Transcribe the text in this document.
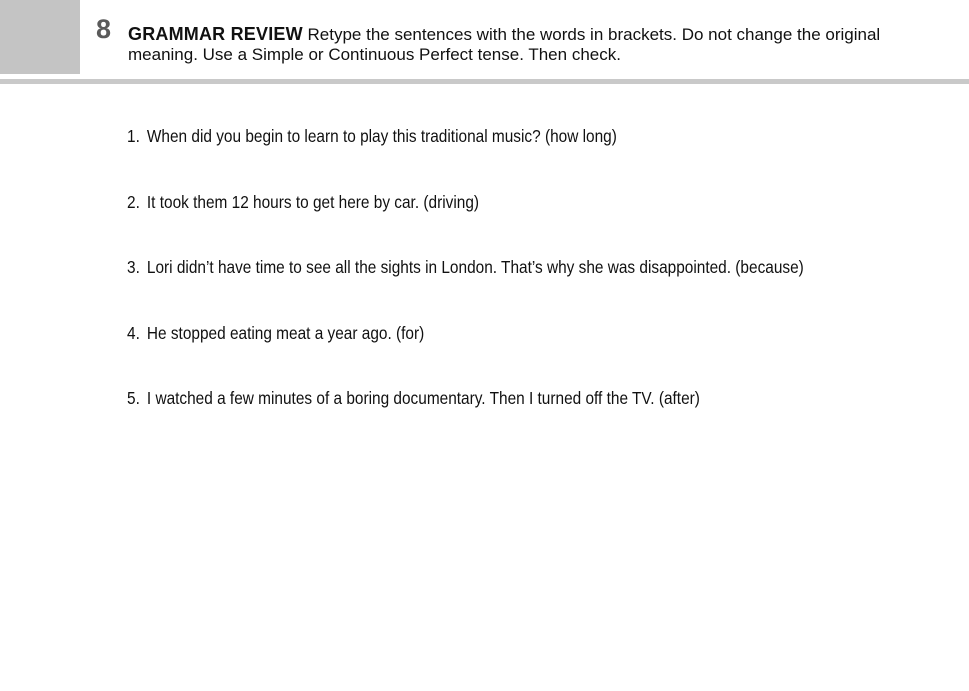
8 GRAMMAR REVIEW Retype the sentences with the words in brackets. Do not change the original meaning. Use a Simple or Continuous Perfect tense. Then check.
1. When did you begin to learn to play this traditional music? (how long)
2. It took them 12 hours to get here by car. (driving)
3. Lori didn’t have time to see all the sights in London. That’s why she was disappointed. (because)
4. He stopped eating meat a year ago. (for)
5. I watched a few minutes of a boring documentary. Then I turned off the TV. (after)
